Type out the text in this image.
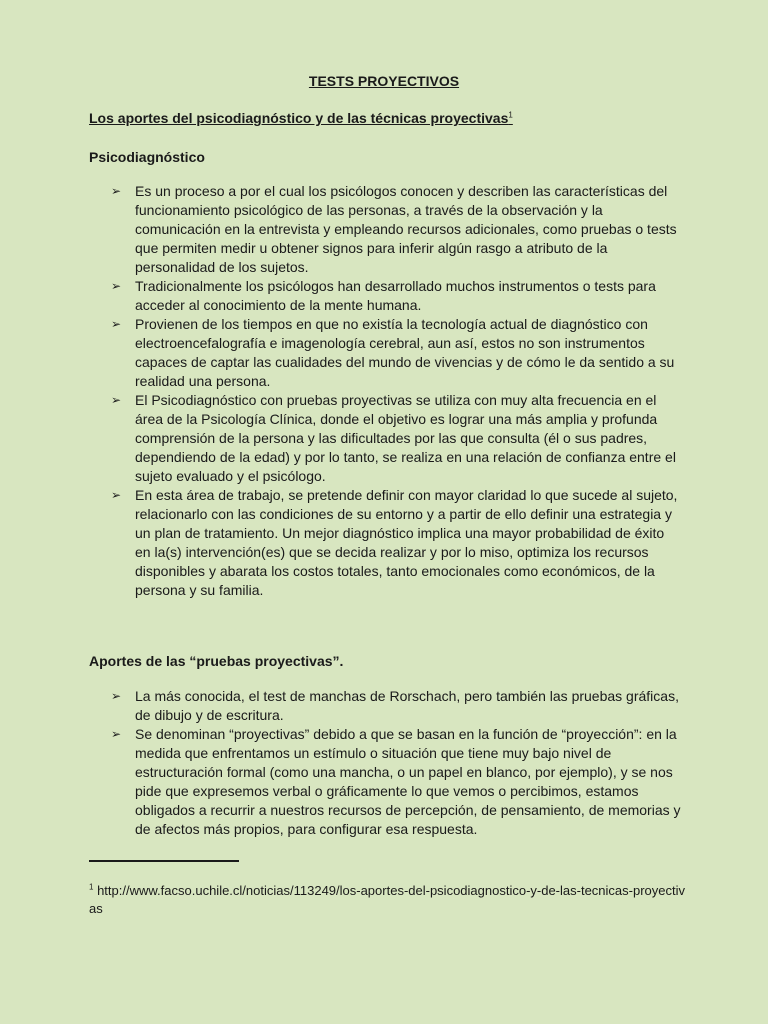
TESTS PROYECTIVOS
Los aportes del psicodiagnóstico y de las técnicas proyectivas$^1$
Psicodiagnóstico
➢ Es un proceso a por el cual los psicólogos conocen y describen las características del funcionamiento psicológico de las personas, a través de la observación y la comunicación en la entrevista y empleando recursos adicionales, como pruebas o tests que permiten medir u obtener signos para inferir algún rasgo a atributo de la personalidad de los sujetos.
➢ Tradicionalmente los psicólogos han desarrollado muchos instrumentos o tests para acceder al conocimiento de la mente humana.
➢ Provienen de los tiempos en que no existía la tecnología actual de diagnóstico con electroencefalografía e imagenología cerebral, aun así, estos no son instrumentos capaces de captar las cualidades del mundo de vivencias y de cómo le da sentido a su realidad una persona.
➢ El Psicodiagnóstico con pruebas proyectivas se utiliza con muy alta frecuencia en el área de la Psicología Clínica, donde el objetivo es lograr una más amplia y profunda comprensión de la persona y las dificultades por las que consulta (él o sus padres, dependiendo de la edad) y por lo tanto, se realiza en una relación de confianza entre el sujeto evaluado y el psicólogo.
➢ En esta área de trabajo, se pretende definir con mayor claridad lo que sucede al sujeto, relacionarlo con las condiciones de su entorno y a partir de ello definir una estrategia y un plan de tratamiento. Un mejor diagnóstico implica una mayor probabilidad de éxito en la(s) intervención(es) que se decida realizar y por lo miso, optimiza los recursos disponibles y abarata los costos totales, tanto emocionales como económicos, de la persona y su familia.
Aportes de las “pruebas proyectivas”.
➢ La más conocida, el test de manchas de Rorschach, pero también las pruebas gráficas, de dibujo y de escritura.
➢ Se denominan “proyectivas” debido a que se basan en la función de “proyección”: en la medida que enfrentamos un estímulo o situación que tiene muy bajo nivel de estructuración formal (como una mancha, o un papel en blanco, por ejemplo), y se nos pide que expresemos verbal o gráficamente lo que vemos o percibimos, estamos obligados a recurrir a nuestros recursos de percepción, de pensamiento, de memorias y de afectos más propios, para configurar esa respuesta.
$^1$ http://www.facso.uchile.cl/noticias/113249/los-aportes-del-psicodiagnostico-y-de-las-tecnicas-proyectivas
